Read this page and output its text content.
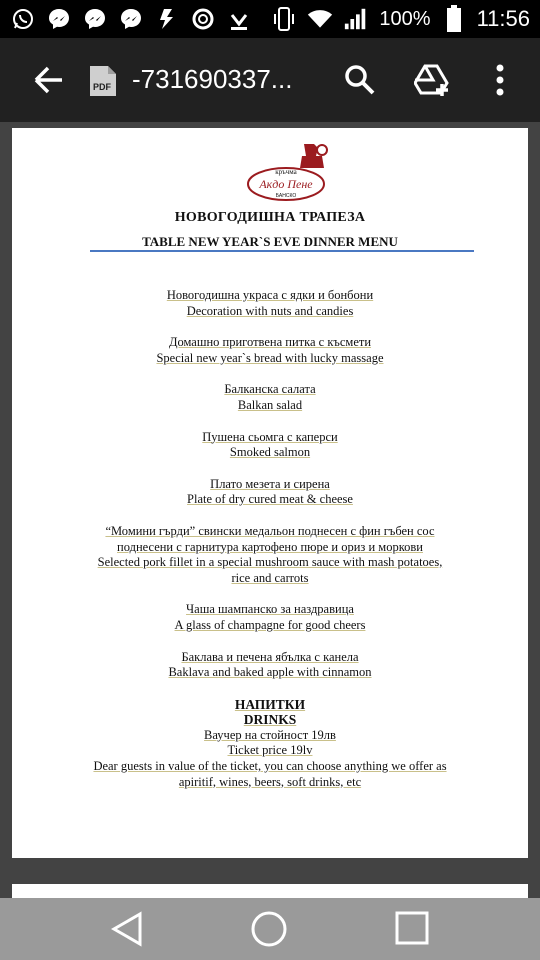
100% 11:56
PDF -731690337...
кръчма
Акдо Пене
БАНСКО
НОВОГОДИШНА ТРАПЕЗА
TABLE NEW YEAR`S EVE DINNER MENU

Новогодишна украса с ядки и бонбони

Decoration with nuts and candies

Домашно приготвена питка с късмети

Special new year`s bread with lucky massage

Балканска салата

Balkan salad

Пушена сьомга с каперси

Smoked salmon

Плато мезета и сирена

Plate of dry cured meat & cheese

“Момини гърди” свински медальон поднесен с фин гъбен сос

поднесени с гарнитура картофено пюре и ориз и моркови

Selected pork fillet in a special mushroom sauce with mash potatoes,

rice and carrots

Чаша шампанско за наздравица

A glass of champagne for good cheers

Баклава и печена ябълка с канела

Baklava and baked apple with cinnamon

НАПИТКИ

DRINKS

Ваучер на стойност 19лв

Ticket price 19lv

Dear guests in value of the ticket, you can choose anything we offer as

apiritif, wines, beers, soft drinks, etc
